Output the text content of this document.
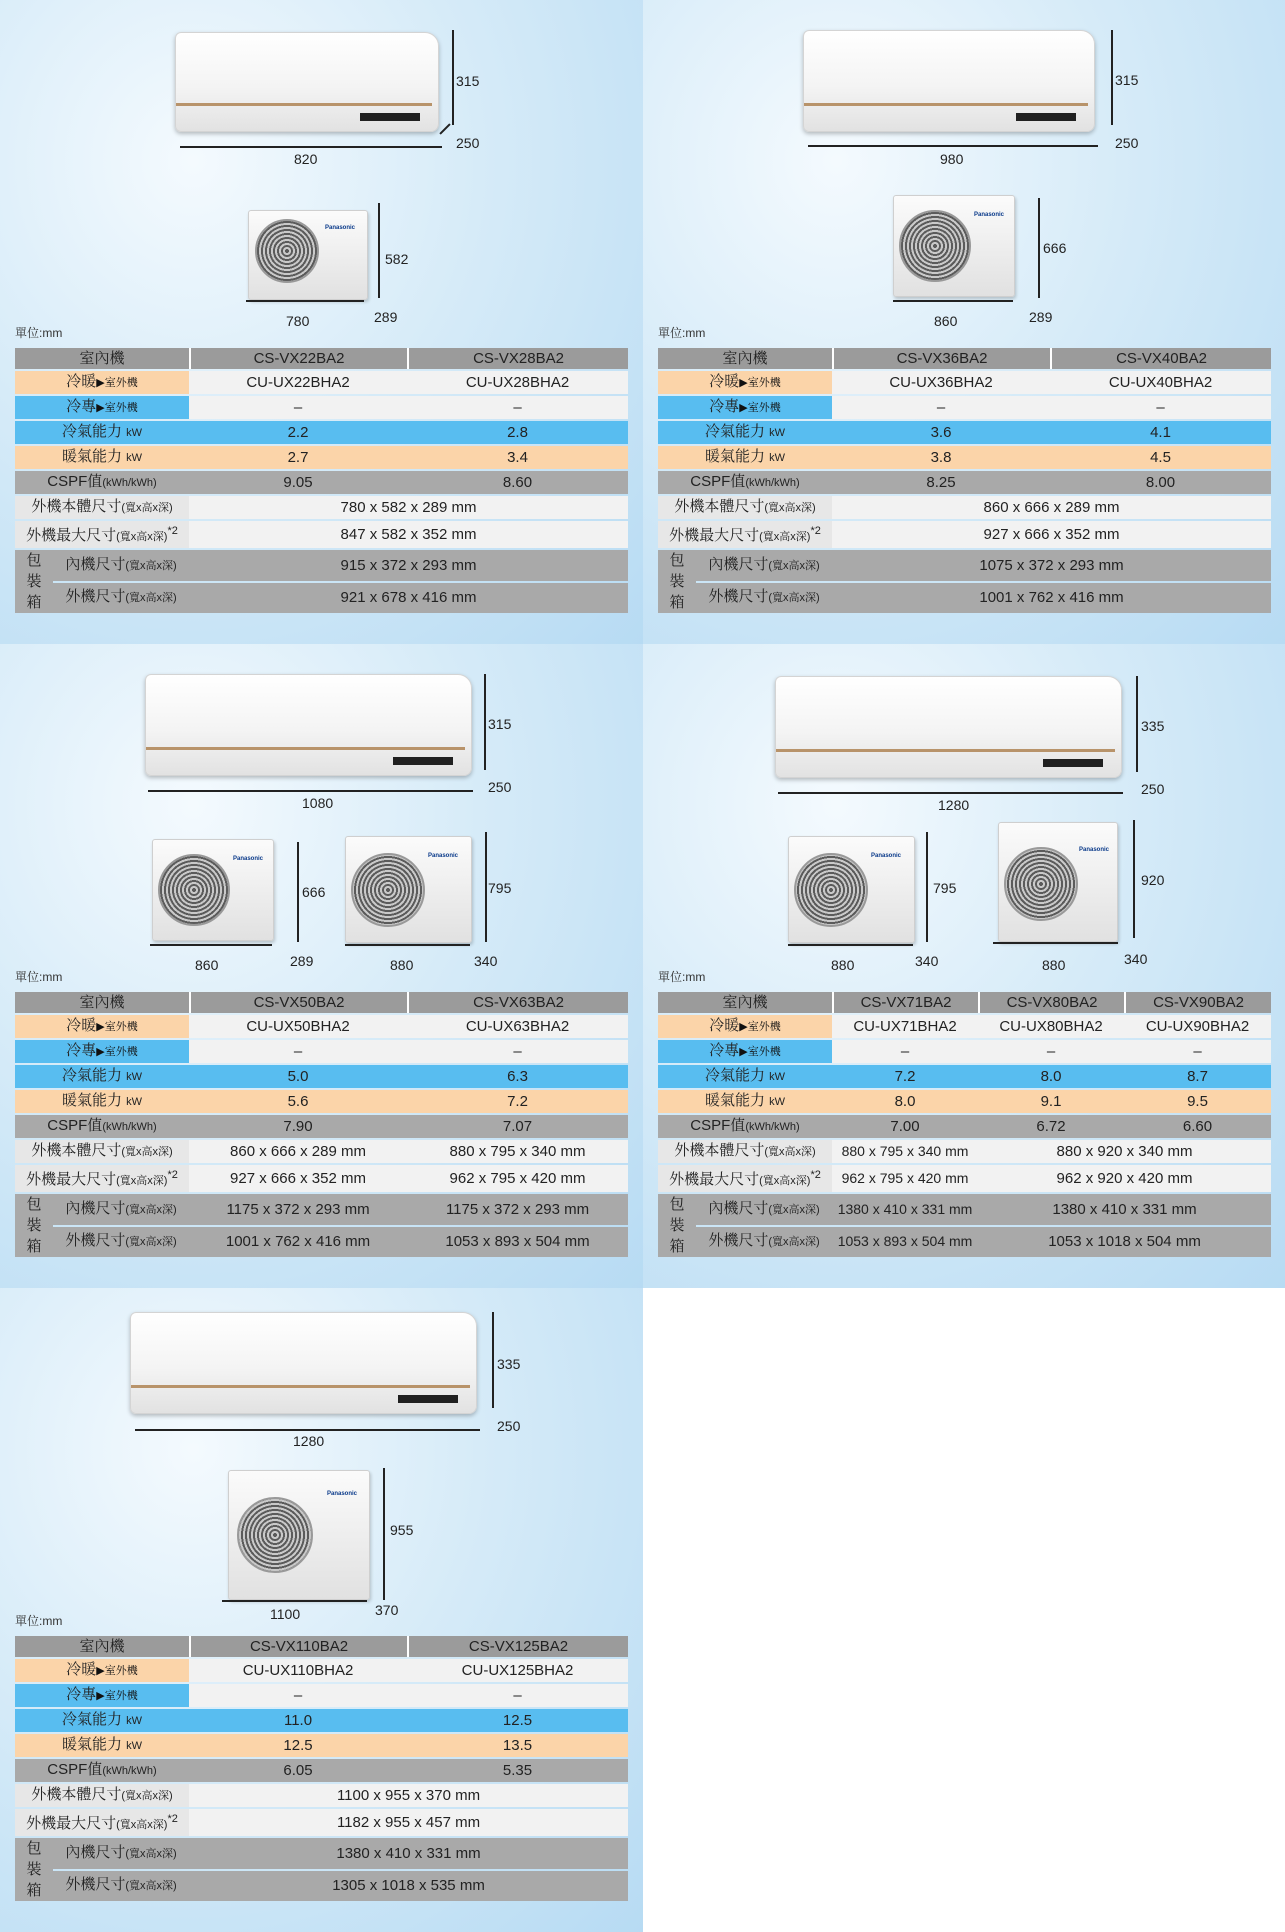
315
250
820
Panasonic
582
780	289
單位:mm
室內機		CS-VX22BA2	CS-VX28BA2
冷暖▶室外機		CU-UX22BHA2	CU-UX28BHA2
冷專▶室外機		–	–
冷氣能力 kW		2.2	2.8
暖氣能力 kW		2.7	3.4
CSPF值(kWh/kWh)		9.05	8.60
外機本體尺寸(寬x高x深)		780 x 582 x 289 mm	
外機最大尺寸(寬x高x深)$^{*2}$		847 x 582 x 352 mm	
包
裝
箱	內機尺寸(寬x高x深)	915 x 372 x 293 mm	
	外機尺寸(寬x高x深)	921 x 678 x 416 mm	
315
250
980
Panasonic
666
860	289
單位:mm
室內機		CS-VX36BA2	CS-VX40BA2
冷暖▶室外機		CU-UX36BHA2	CU-UX40BHA2
冷專▶室外機		–	–
冷氣能力 kW		3.6	4.1
暖氣能力 kW		3.8	4.5
CSPF值(kWh/kWh)		8.25	8.00
外機本體尺寸(寬x高x深)		860 x 666 x 289 mm	
外機最大尺寸(寬x高x深)$^{*2}$		927 x 666 x 352 mm	
包
裝
箱	內機尺寸(寬x高x深)	1075 x 372 x 293 mm	
	外機尺寸(寬x高x深)	1001 x 762 x 416 mm	
315
250
1080
Panasonic
666
860	289
Panasonic
795
880	340
單位:mm
室內機		CS-VX50BA2	CS-VX63BA2
冷暖▶室外機		CU-UX50BHA2	CU-UX63BHA2
冷專▶室外機		–	–
冷氣能力 kW		5.0	6.3
暖氣能力 kW		5.6	7.2
CSPF值(kWh/kWh)		7.90	7.07
外機本體尺寸(寬x高x深)		860 x 666 x 289 mm	880 x 795 x 340 mm
外機最大尺寸(寬x高x深)$^{*2}$		927 x 666 x 352 mm	962 x 795 x 420 mm
包
裝
箱	內機尺寸(寬x高x深)	1175 x 372 x 293 mm	1175 x 372 x 293 mm
	外機尺寸(寬x高x深)	1001 x 762 x 416 mm	1053 x 893 x 504 mm
335
250
1280
Panasonic
795
880	340
Panasonic
920
880	340
單位:mm
室內機		CS-VX71BA2	CS-VX80BA2	CS-VX90BA2
冷暖▶室外機		CU-UX71BHA2	CU-UX80BHA2	CU-UX90BHA2
冷專▶室外機		–	–	–
冷氣能力 kW		7.2	8.0	8.7
暖氣能力 kW		8.0	9.1	9.5
CSPF值(kWh/kWh)		7.00	6.72	6.60
外機本體尺寸(寬x高x深)		880 x 795 x 340 mm	880 x 920 x 340 mm	
外機最大尺寸(寬x高x深)$^{*2}$		962 x 795 x 420 mm	962 x 920 x 420 mm	
包
裝
箱	內機尺寸(寬x高x深)	1380 x 410 x 331 mm	1380 x 410 x 331 mm	
	外機尺寸(寬x高x深)	1053 x 893 x 504 mm	1053 x 1018 x 504 mm	
335
250
1280
Panasonic
955
1100	370
單位:mm
室內機		CS-VX110BA2	CS-VX125BA2
冷暖▶室外機		CU-UX110BHA2	CU-UX125BHA2
冷專▶室外機		–	–
冷氣能力 kW		11.0	12.5
暖氣能力 kW		12.5	13.5
CSPF值(kWh/kWh)		6.05	5.35
外機本體尺寸(寬x高x深)		1100 x 955 x 370 mm	
外機最大尺寸(寬x高x深)$^{*2}$		1182 x 955 x 457 mm	
包
裝
箱	內機尺寸(寬x高x深)	1380 x 410 x 331 mm	
	外機尺寸(寬x高x深)	1305 x 1018 x 535 mm	
